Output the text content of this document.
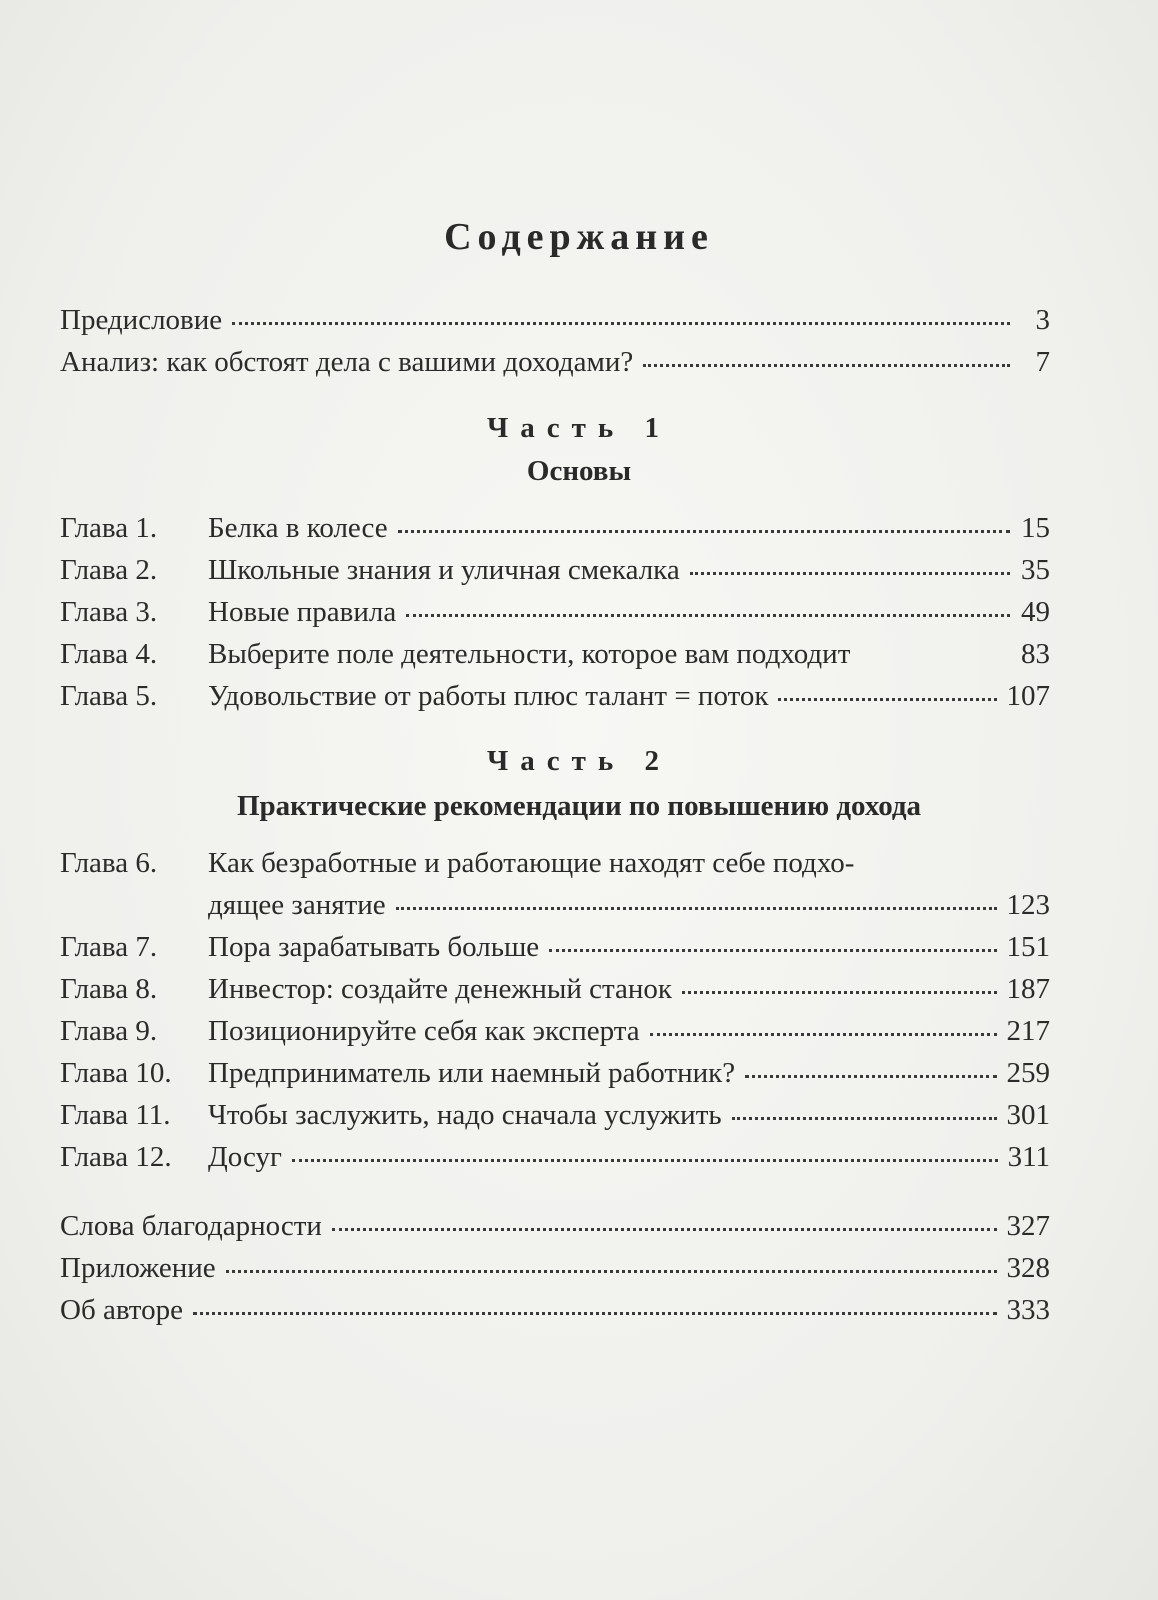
Содержание
Предисловие	3
Анализ: как обстоят дела с вашими доходами?	7
Часть 1
Основы
Глава 1. Белка в колесе	15
Глава 2. Школьные знания и уличная смекалка	35
Глава 3. Новые правила	49
Глава 4. Выберите поле деятельности, которое вам подходит	83
Глава 5. Удовольствие от работы плюс талант = поток	107
Часть 2
Практические рекомендации по повышению дохода
Глава 6. Как безработные и работающие находят себе подхо-
дящее занятие	123
Глава 7. Пора зарабатывать больше	151
Глава 8. Инвестор: создайте денежный станок	187
Глава 9. Позиционируйте себя как эксперта	217
Глава 10. Предприниматель или наемный работник?	259
Глава 11. Чтобы заслужить, надо сначала услужить	301
Глава 12. Досуг	311
Слова благодарности	327
Приложение	328
Об авторе	333
